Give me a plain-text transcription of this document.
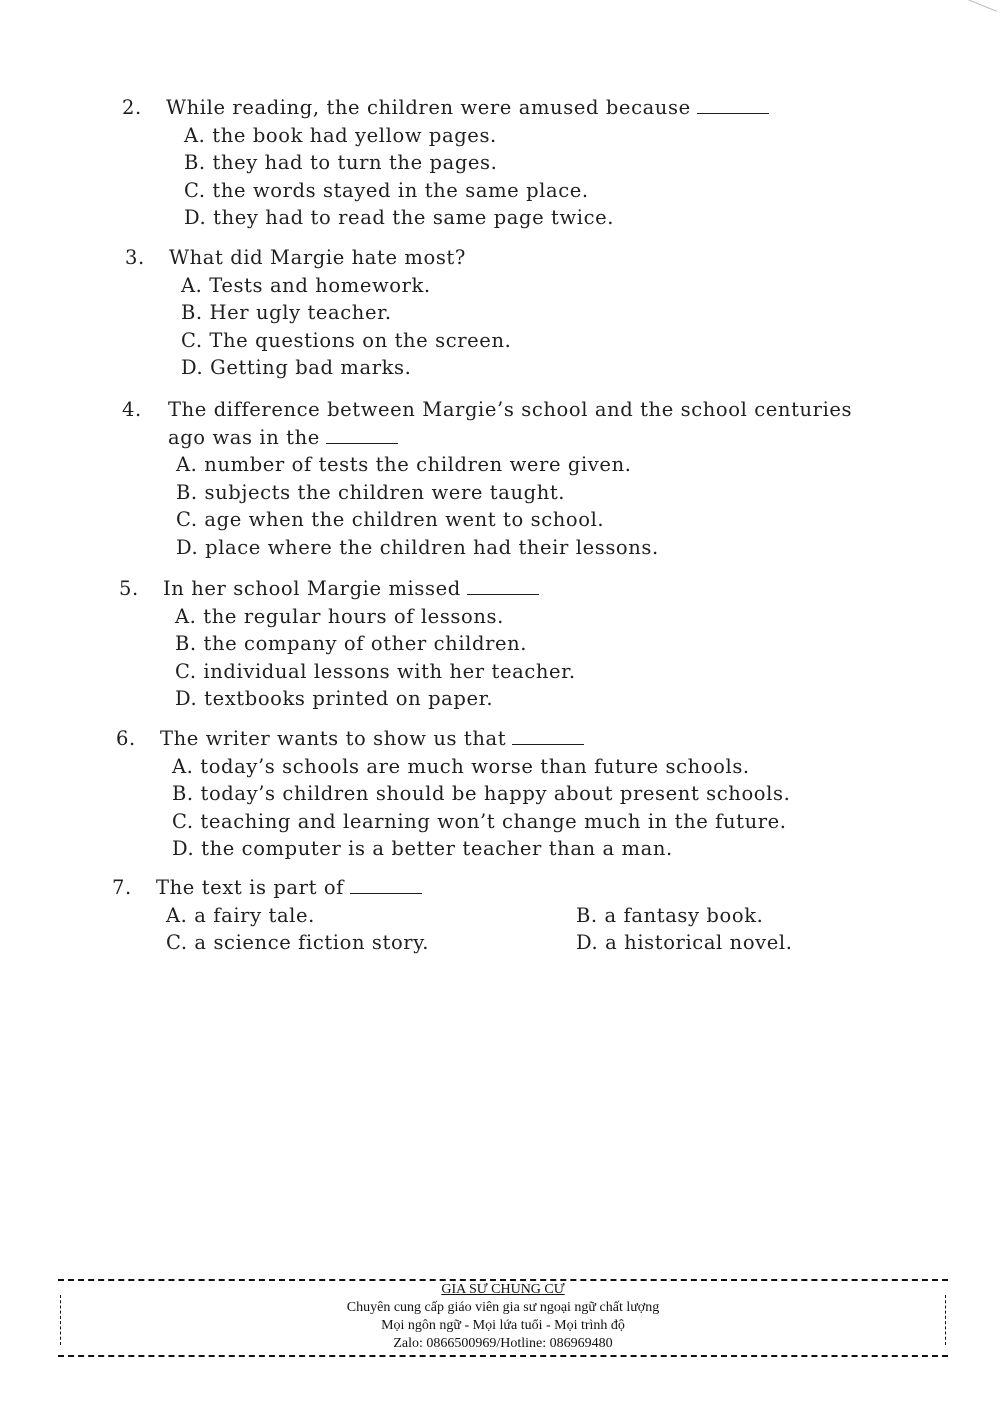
2. While reading, the children were amused because
A. the book had yellow pages.
B. they had to turn the pages.
C. the words stayed in the same place.
D. they had to read the same page twice.
3. What did Margie hate most?
A. Tests and homework.
B. Her ugly teacher.
C. The questions on the screen.
D. Getting bad marks.
4. The difference between Margie’s school and the school centuries
ago was in the
A. number of tests the children were given.
B. subjects the children were taught.
C. age when the children went to school.
D. place where the children had their lessons.
5. In her school Margie missed
A. the regular hours of lessons.
B. the company of other children.
C. individual lessons with her teacher.
D. textbooks printed on paper.
6. The writer wants to show us that
A. today’s schools are much worse than future schools.
B. today’s children should be happy about present schools.
C. teaching and learning won’t change much in the future.
D. the computer is a better teacher than a man.
7. The text is part of
A. a fairy tale.	B. a fantasy book.
C. a science fiction story.	D. a historical novel.
GIA SƯ CHUNG CƯ
Chuyên cung cấp giáo viên gia sư ngoại ngữ chất lượng
Mọi ngôn ngữ - Mọi lứa tuổi - Mọi trình độ
Zalo: 0866500969/Hotline: 086969480
